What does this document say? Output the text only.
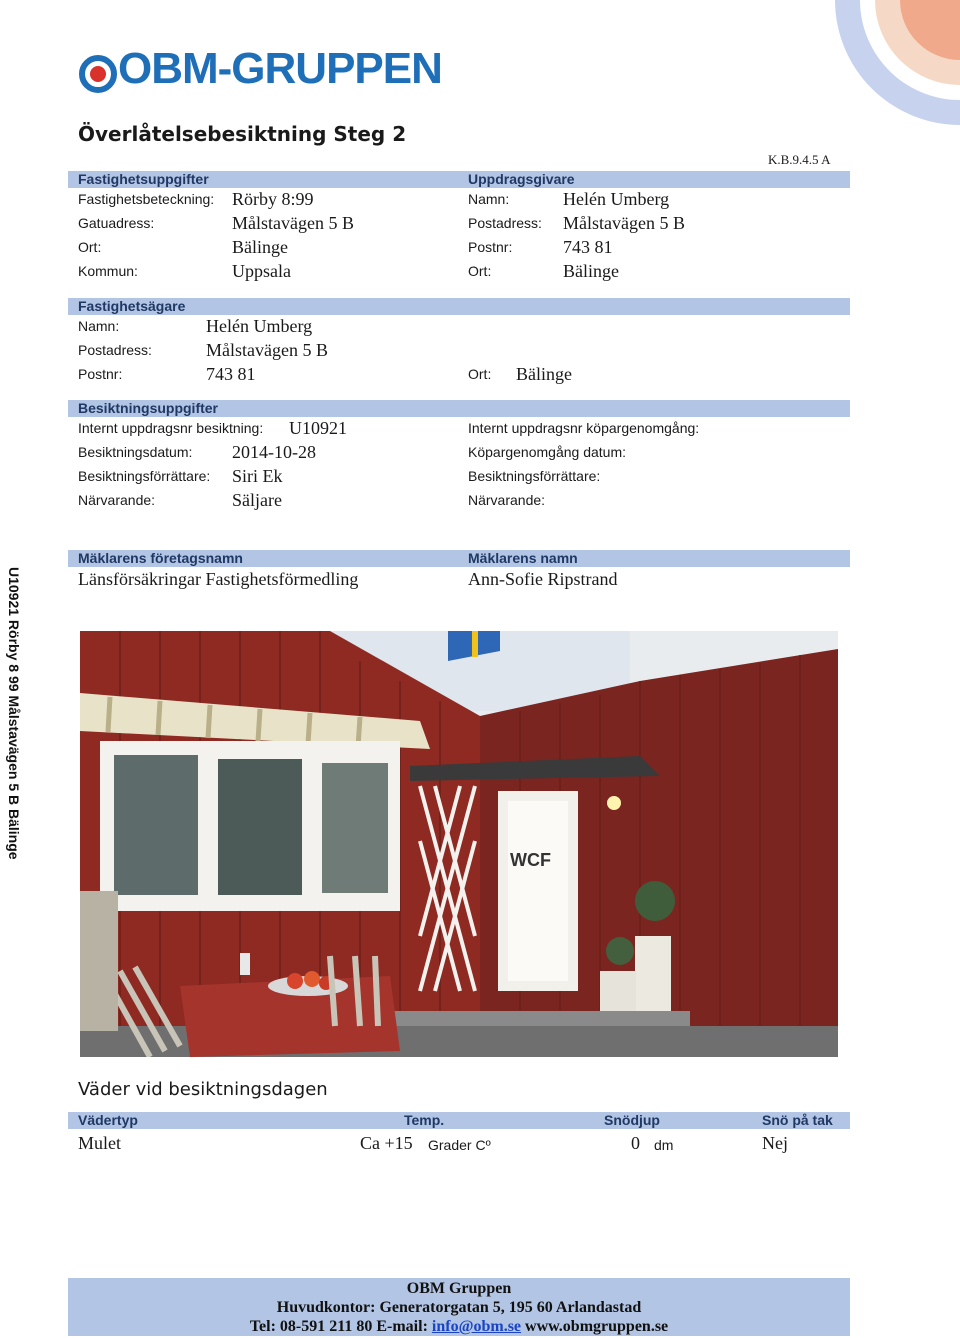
OBM-GRUPPEN
Överlåtelsebesiktning Steg 2
K.B.9.4.5 A
Fastighetsuppgifter	Uppdragsgivare
Fastighetsbeteckning: Rörby 8:99
Gatuadress:	Målstavägen 5 B
Ort:	Bälinge
Kommun:	Uppsala
Namn:	Helén Umberg
Postadress: Målstavägen 5 B
Postnr:	743 81
Ort:	Bälinge
Fastighetsägare
Namn:	Helén Umberg
Postadress:	Målstavägen 5 B
Postnr:	743 81	Ort: Bälinge
Besiktningsuppgifter
Internt uppdragsnr besiktning: U10921
Besiktningsdatum: 2014-10-28
Besiktningsförrättare: Siri Ek
Närvarande:	Säljare
Internt uppdragsnr köpargenomgång:
Köpargenomgång datum:
Besiktningsförrättare:
Närvarande:
Mäklarens företagsnamn	Mäklarens namn
Länsförsäkringar Fastighetsförmedling	Ann-Sofie Ripstrand
U10921 Rörby 8 99 Målstavägen 5 B Bälinge
WCF
Väder vid besiktningsdagen
Vädertyp	Temp.	Snödjup	Snö på tak
Mulet	Ca +15 Grader Cº	0 dm	Nej
OBM Gruppen
Huvudkontor: Generatorgatan 5, 195 60 Arlandastad
Tel: 08-591 211 80 E-mail: info@obm.se www.obmgruppen.se
